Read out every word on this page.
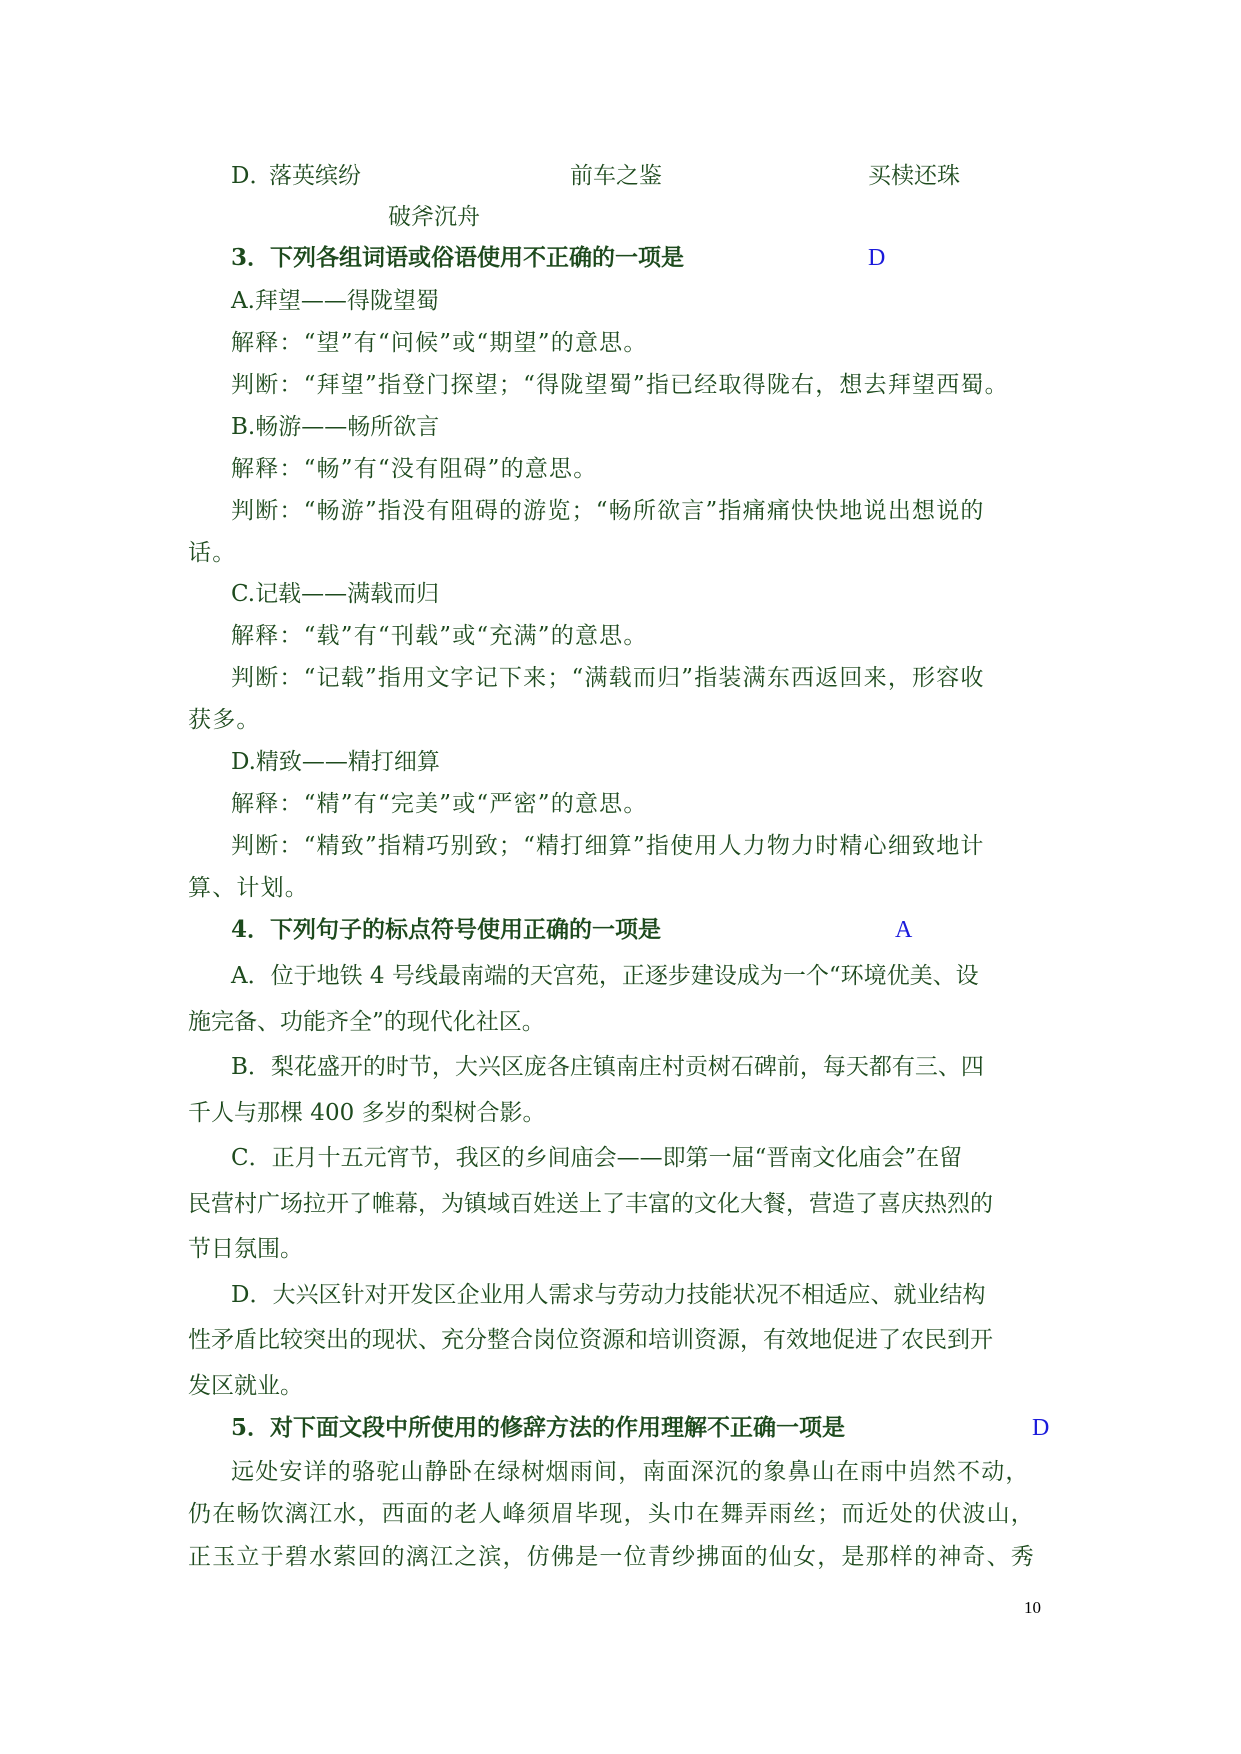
D．
落英缤纷	前车之鉴	买椟还珠
破斧沉舟
3．下列各组词语或俗语使用不正确的一项是	D
A.拜望——得陇望蜀
解释：“望”有“问候”或“期望”的意思。
判断：“拜望”指登门探望；“得陇望蜀”指已经取得陇右，想去拜望西蜀。
B.畅游——畅所欲言
解释：“畅”有“没有阻碍”的意思。
判断：“畅游”指没有阻碍的游览；“畅所欲言”指痛痛快快地说出想说的
话。
C.记载——满载而归
解释：“载”有“刊载”或“充满”的意思。
判断：“记载”指用文字记下来；“满载而归”指装满东西返回来，形容收
获多。
D.精致——精打细算
解释：“精”有“完美”或“严密”的意思。
判断：“精致”指精巧别致；“精打细算”指使用人力物力时精心细致地计
算、计划。
4．下列句子的标点符号使用正确的一项是	A
A．位于地铁 4 号线最南端的天宫苑，正逐步建设成为一个“环境优美、设
施完备、功能齐全”的现代化社区。
B．梨花盛开的时节，大兴区庞各庄镇南庄村贡树石碑前，每天都有三、四
千人与那棵 400 多岁的梨树合影。
C．正月十五元宵节，我区的乡间庙会——即第一届“晋南文化庙会”在留
民营村广场拉开了帷幕，为镇域百姓送上了丰富的文化大餐，营造了喜庆热烈的
节日氛围。
D．大兴区针对开发区企业用人需求与劳动力技能状况不相适应、就业结构
性矛盾比较突出的现状、充分整合岗位资源和培训资源，有效地促进了农民到开
发区就业。
5．对下面文段中所使用的修辞方法的作用理解不正确一项是	D
远处安详的骆驼山静卧在绿树烟雨间，南面深沉的象鼻山在雨中岿然不动，
仍在畅饮漓江水，西面的老人峰须眉毕现，头巾在舞弄雨丝；而近处的伏波山，
正玉立于碧水萦回的漓江之滨，仿佛是一位青纱拂面的仙女，是那样的神奇、秀
10
